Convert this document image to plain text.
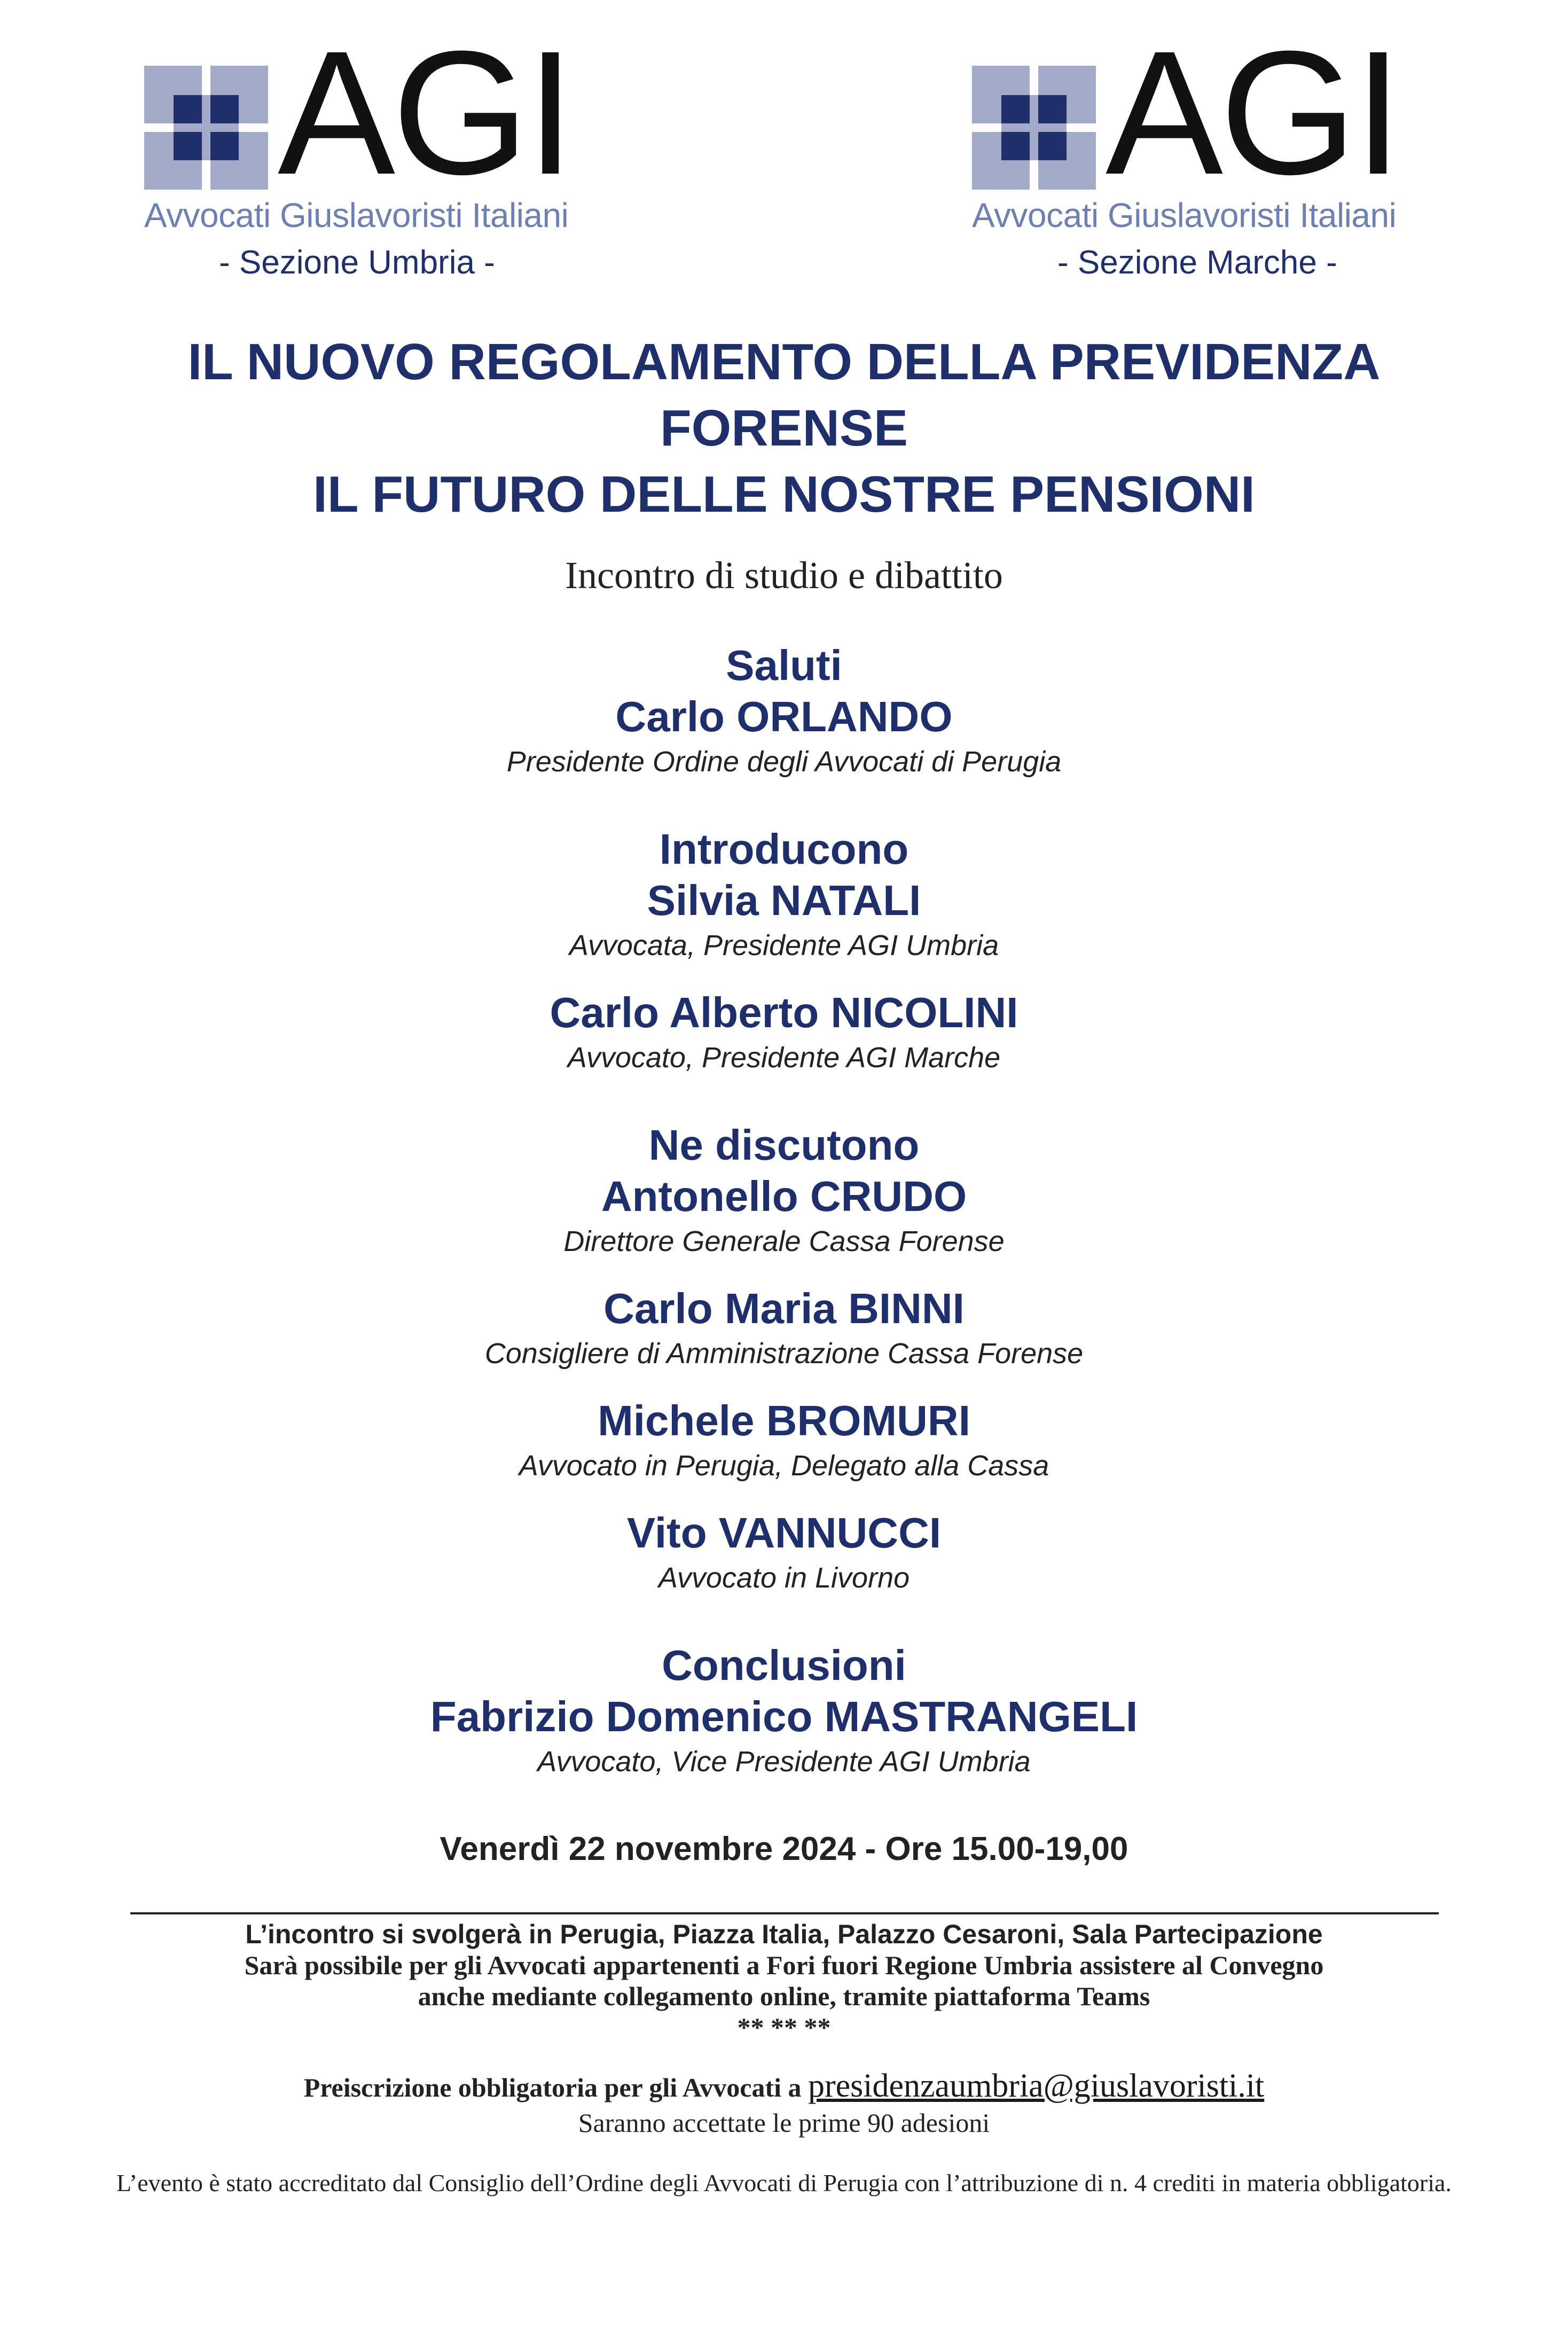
AGI
Avvocati Giuslavoristi Italiani
- Sezione Umbria -
AGI
Avvocati Giuslavoristi Italiani
- Sezione Marche -
IL NUOVO REGOLAMENTO DELLA PREVIDENZA
FORENSE
IL FUTURO DELLE NOSTRE PENSIONI
Incontro di studio e dibattito
Saluti
Carlo ORLANDO
Presidente Ordine degli Avvocati di Perugia
Introducono
Silvia NATALI
Avvocata, Presidente AGI Umbria
Carlo Alberto NICOLINI
Avvocato, Presidente AGI Marche
Ne discutono
Antonello CRUDO
Direttore Generale Cassa Forense
Carlo Maria BINNI
Consigliere di Amministrazione Cassa Forense
Michele BROMURI
Avvocato in Perugia, Delegato alla Cassa
Vito VANNUCCI
Avvocato in Livorno
Conclusioni
Fabrizio Domenico MASTRANGELI
Avvocato, Vice Presidente AGI Umbria
Venerdì 22 novembre 2024 - Ore 15.00-19,00
L’incontro si svolgerà in Perugia, Piazza Italia, Palazzo Cesaroni, Sala Partecipazione
Sarà possibile per gli Avvocati appartenenti a Fori fuori Regione Umbria assistere al Convegno
anche mediante collegamento online, tramite piattaforma Teams
** ** **
Preiscrizione obbligatoria per gli Avvocati a presidenzaumbria@giuslavoristi.it
Saranno accettate le prime 90 adesioni
L’evento è stato accreditato dal Consiglio dell’Ordine degli Avvocati di Perugia con l’attribuzione di n. 4 crediti in materia obbligatoria.
